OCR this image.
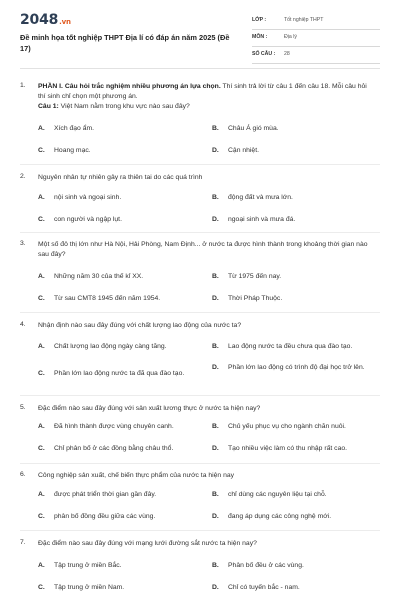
2048.vn
Đề minh họa tốt nghiệp THPT Địa lí có đáp án năm 2025 (Đề 17)
LỚP :	Tốt nghiệp THPT
MÔN :	Địa lý
SỐ CÂU : 28
1. PHẦN I. Câu hỏi trắc nghiệm nhiều phương án lựa chọn. Thí sinh trả lời từ câu 1 đến câu 18. Mỗi câu hỏi thí sinh chỉ chọn một phương án.
Câu 1: Việt Nam nằm trong khu vực nào sau đây?
A. Xích đạo ẩm.	B. Châu Á gió mùa.
C. Hoang mạc.	D. Cận nhiệt.
2. Nguyên nhân tự nhiên gây ra thiên tai do các quá trình
A. nội sinh và ngoại sinh.	B. động đất và mưa lớn.
C. con người và ngập lụt.	D. ngoại sinh và mưa đá.
3. Một số đô thị lớn như Hà Nội, Hải Phòng, Nam Định... ở nước ta được hình thành trong khoảng thời gian nào sau đây?
A. Những năm 30 của thế kỉ XX.	B. Từ 1975 đến nay.
C. Từ sau CMT8 1945 đến năm 1954.	D. Thời Pháp Thuộc.
4. Nhận định nào sau đây đúng với chất lượng lao động của nước ta?
A. Chất lượng lao động ngày càng tăng.	B. Lao động nước ta đều chưa qua đào tạo.
C. Phần lớn lao động nước ta đã qua đào tạo.
D. Phần lớn lao động có trình độ đại học trở lên.
5. Đặc điểm nào sau đây đúng với sản xuất lương thực ở nước ta hiện nay?
A. Đã hình thành được vùng chuyên canh.	B. Chủ yếu phục vụ cho ngành chăn nuôi.
C. Chỉ phân bố ở các đồng bằng châu thổ.	D. Tạo nhiều việc làm có thu nhập rất cao.
6. Công nghiệp sản xuất, chế biến thực phẩm của nước ta hiện nay
A. được phát triển thời gian gần đây.	B. chỉ dùng các nguyên liệu tại chỗ.
C. phân bố đồng đều giữa các vùng.	D. đang áp dụng các công nghệ mới.
7. Đặc điểm nào sau đây đúng với mạng lưới đường sắt nước ta hiện nay?
A. Tập trung ở miền Bắc.	B. Phân bố đều ở các vùng.
C. Tập trung ở miền Nam.	D. Chỉ có tuyến bắc - nam.
